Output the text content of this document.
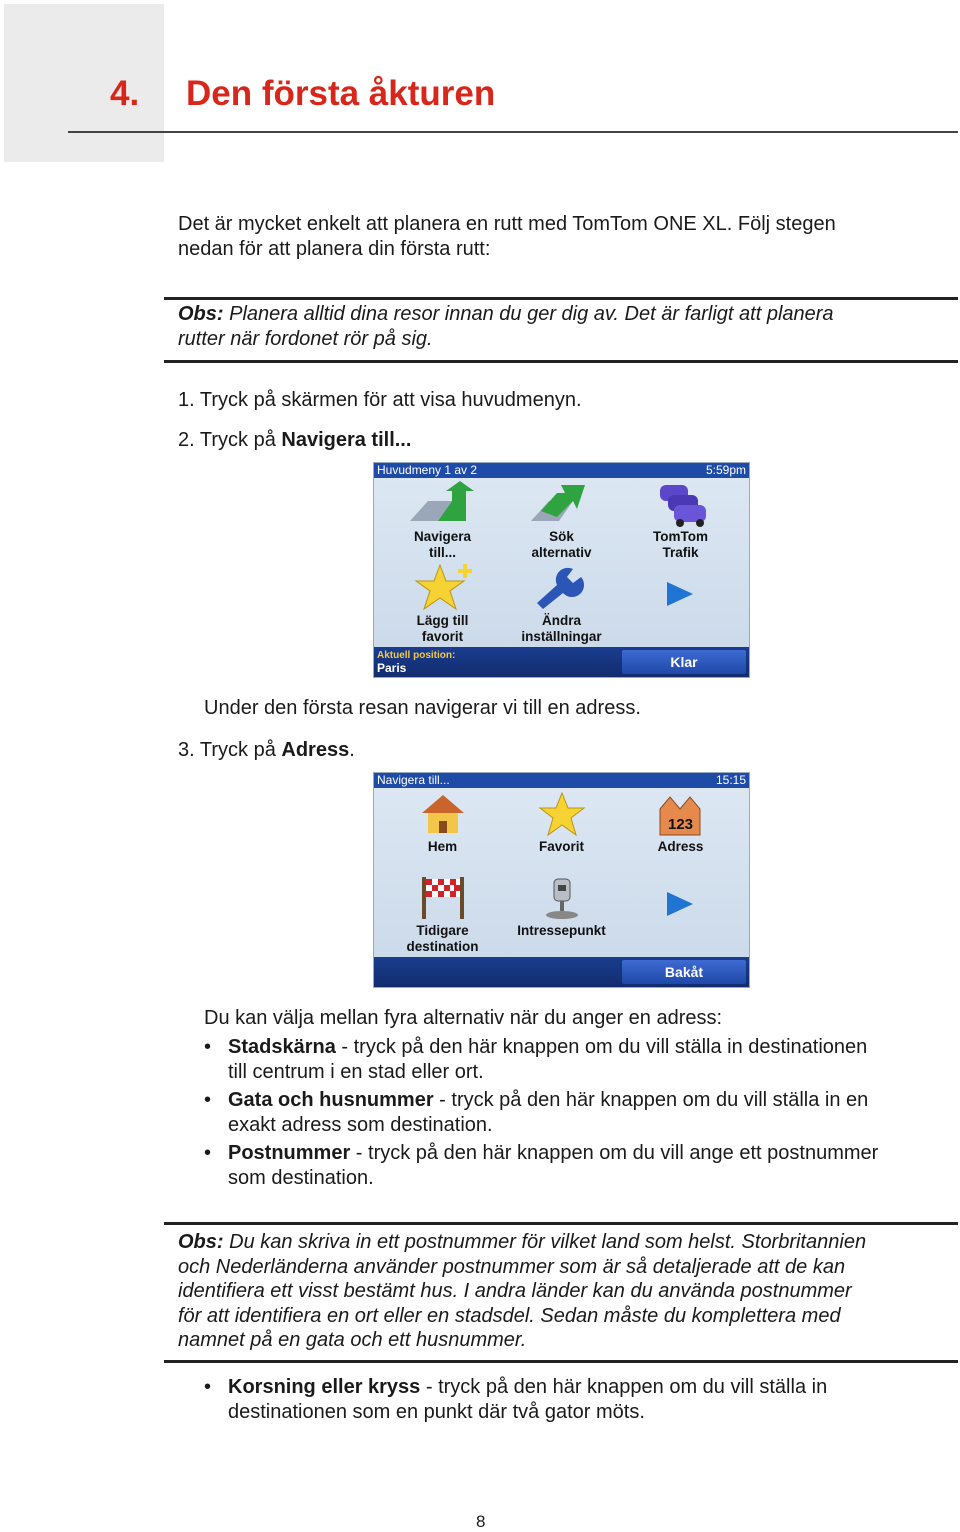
4. Den första åkturen
Det är mycket enkelt att planera en rutt med TomTom ONE XL. Följ stegen
nedan för att planera din första rutt:
Obs: Planera alltid dina resor innan du ger dig av. Det är farligt att planera
rutter när fordonet rör på sig.
1. Tryck på skärmen för att visa huvudmenyn.
2. Tryck på Navigera till...
Huvudmeny 1 av 2	5:59pm
Navigera
till...
Sök
alternativ
TomTom
Trafik
Lägg till
favorit
Ändra
inställningar
Aktuell position:
Paris	Klar
Under den första resan navigerar vi till en adress.
3. Tryck på Adress.
Navigera till...	15:15
Hem	Favorit
123
Adress
Tidigare
destination
Intressepunkt
Bakåt
Du kan välja mellan fyra alternativ när du anger en adress:
• Stadskärna - tryck på den här knappen om du vill ställa in destinationen
till centrum i en stad eller ort.
• Gata och husnummer - tryck på den här knappen om du vill ställa in en
exakt adress som destination.
• Postnummer - tryck på den här knappen om du vill ange ett postnummer
som destination.
Obs: Du kan skriva in ett postnummer för vilket land som helst. Storbritannien
och Nederländerna använder postnummer som är så detaljerade att de kan
identifiera ett visst bestämt hus. I andra länder kan du använda postnummer
för att identifiera en ort eller en stadsdel. Sedan måste du komplettera med
namnet på en gata och ett husnummer.
• Korsning eller kryss - tryck på den här knappen om du vill ställa in
destinationen som en punkt där två gator möts.
8
